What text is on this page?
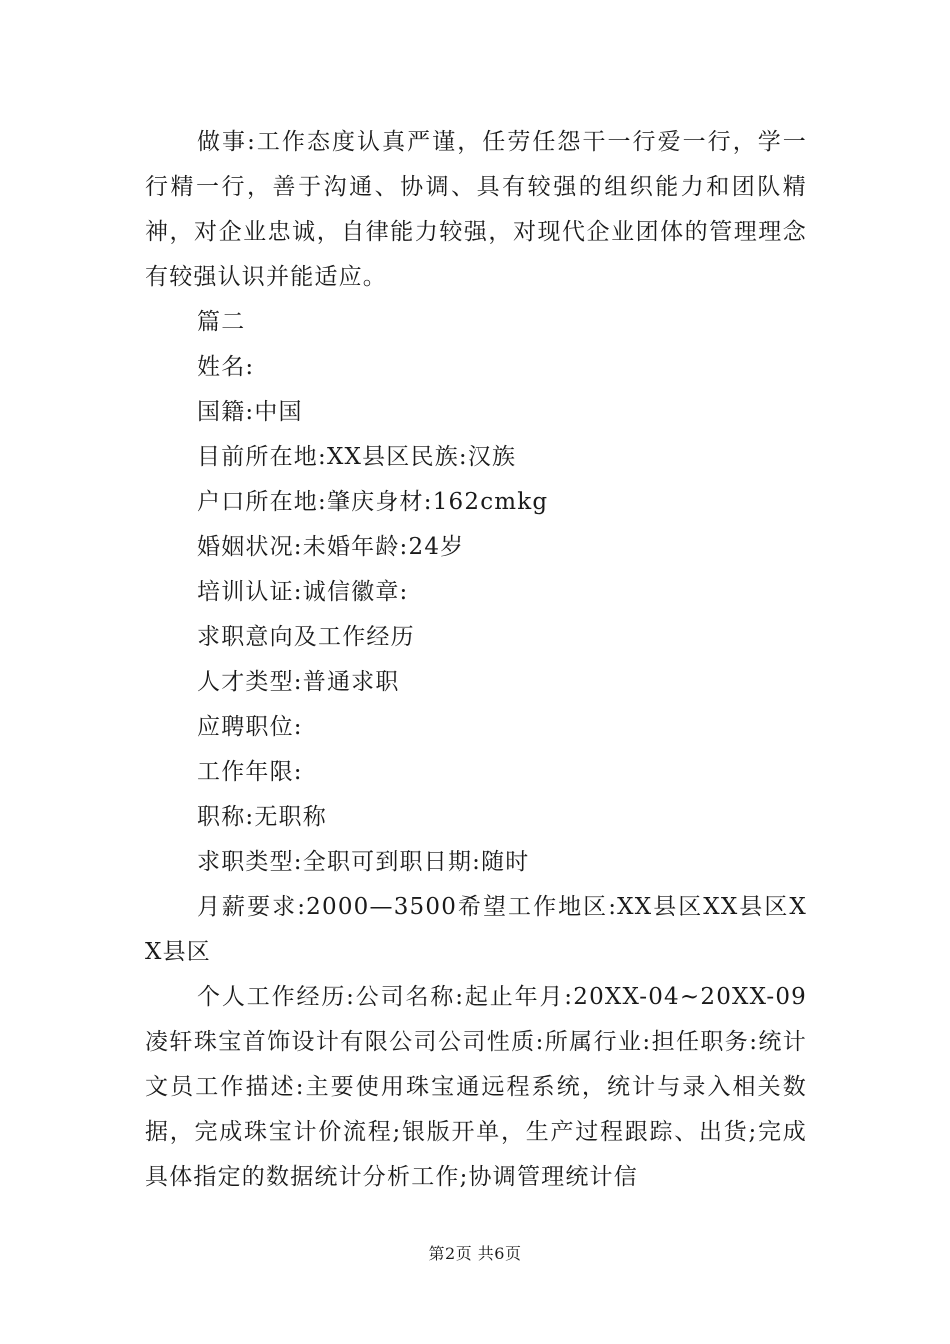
做事:工作态度认真严谨，任劳任怨干一行爱一行，学一行精一行，善于沟通、协调、具有较强的组织能力和团队精神，对企业忠诚，自律能力较强，对现代企业团体的管理理念有较强认识并能适应。

篇二

姓名:

国籍:中国

目前所在地:XX县区民族:汉族

户口所在地:肇庆身材:162cmkg

婚姻状况:未婚年龄:24岁

培训认证:诚信徽章:

求职意向及工作经历

人才类型:普通求职

应聘职位:

工作年限:

职称:无职称

求职类型:全职可到职日期:随时

月薪要求:2000—3500希望工作地区:XX县区XX县区XX县区

个人工作经历:公司名称:起止年月:20XX-04~20XX-09凌轩珠宝首饰设计有限公司公司性质:所属行业:担任职务:统计文员工作描述:主要使用珠宝通远程系统，统计与录入相关数据，完成珠宝计价流程;银版开单，生产过程跟踪、出货;完成具体指定的数据统计分析工作;协调管理统计信

第2页 共6页
